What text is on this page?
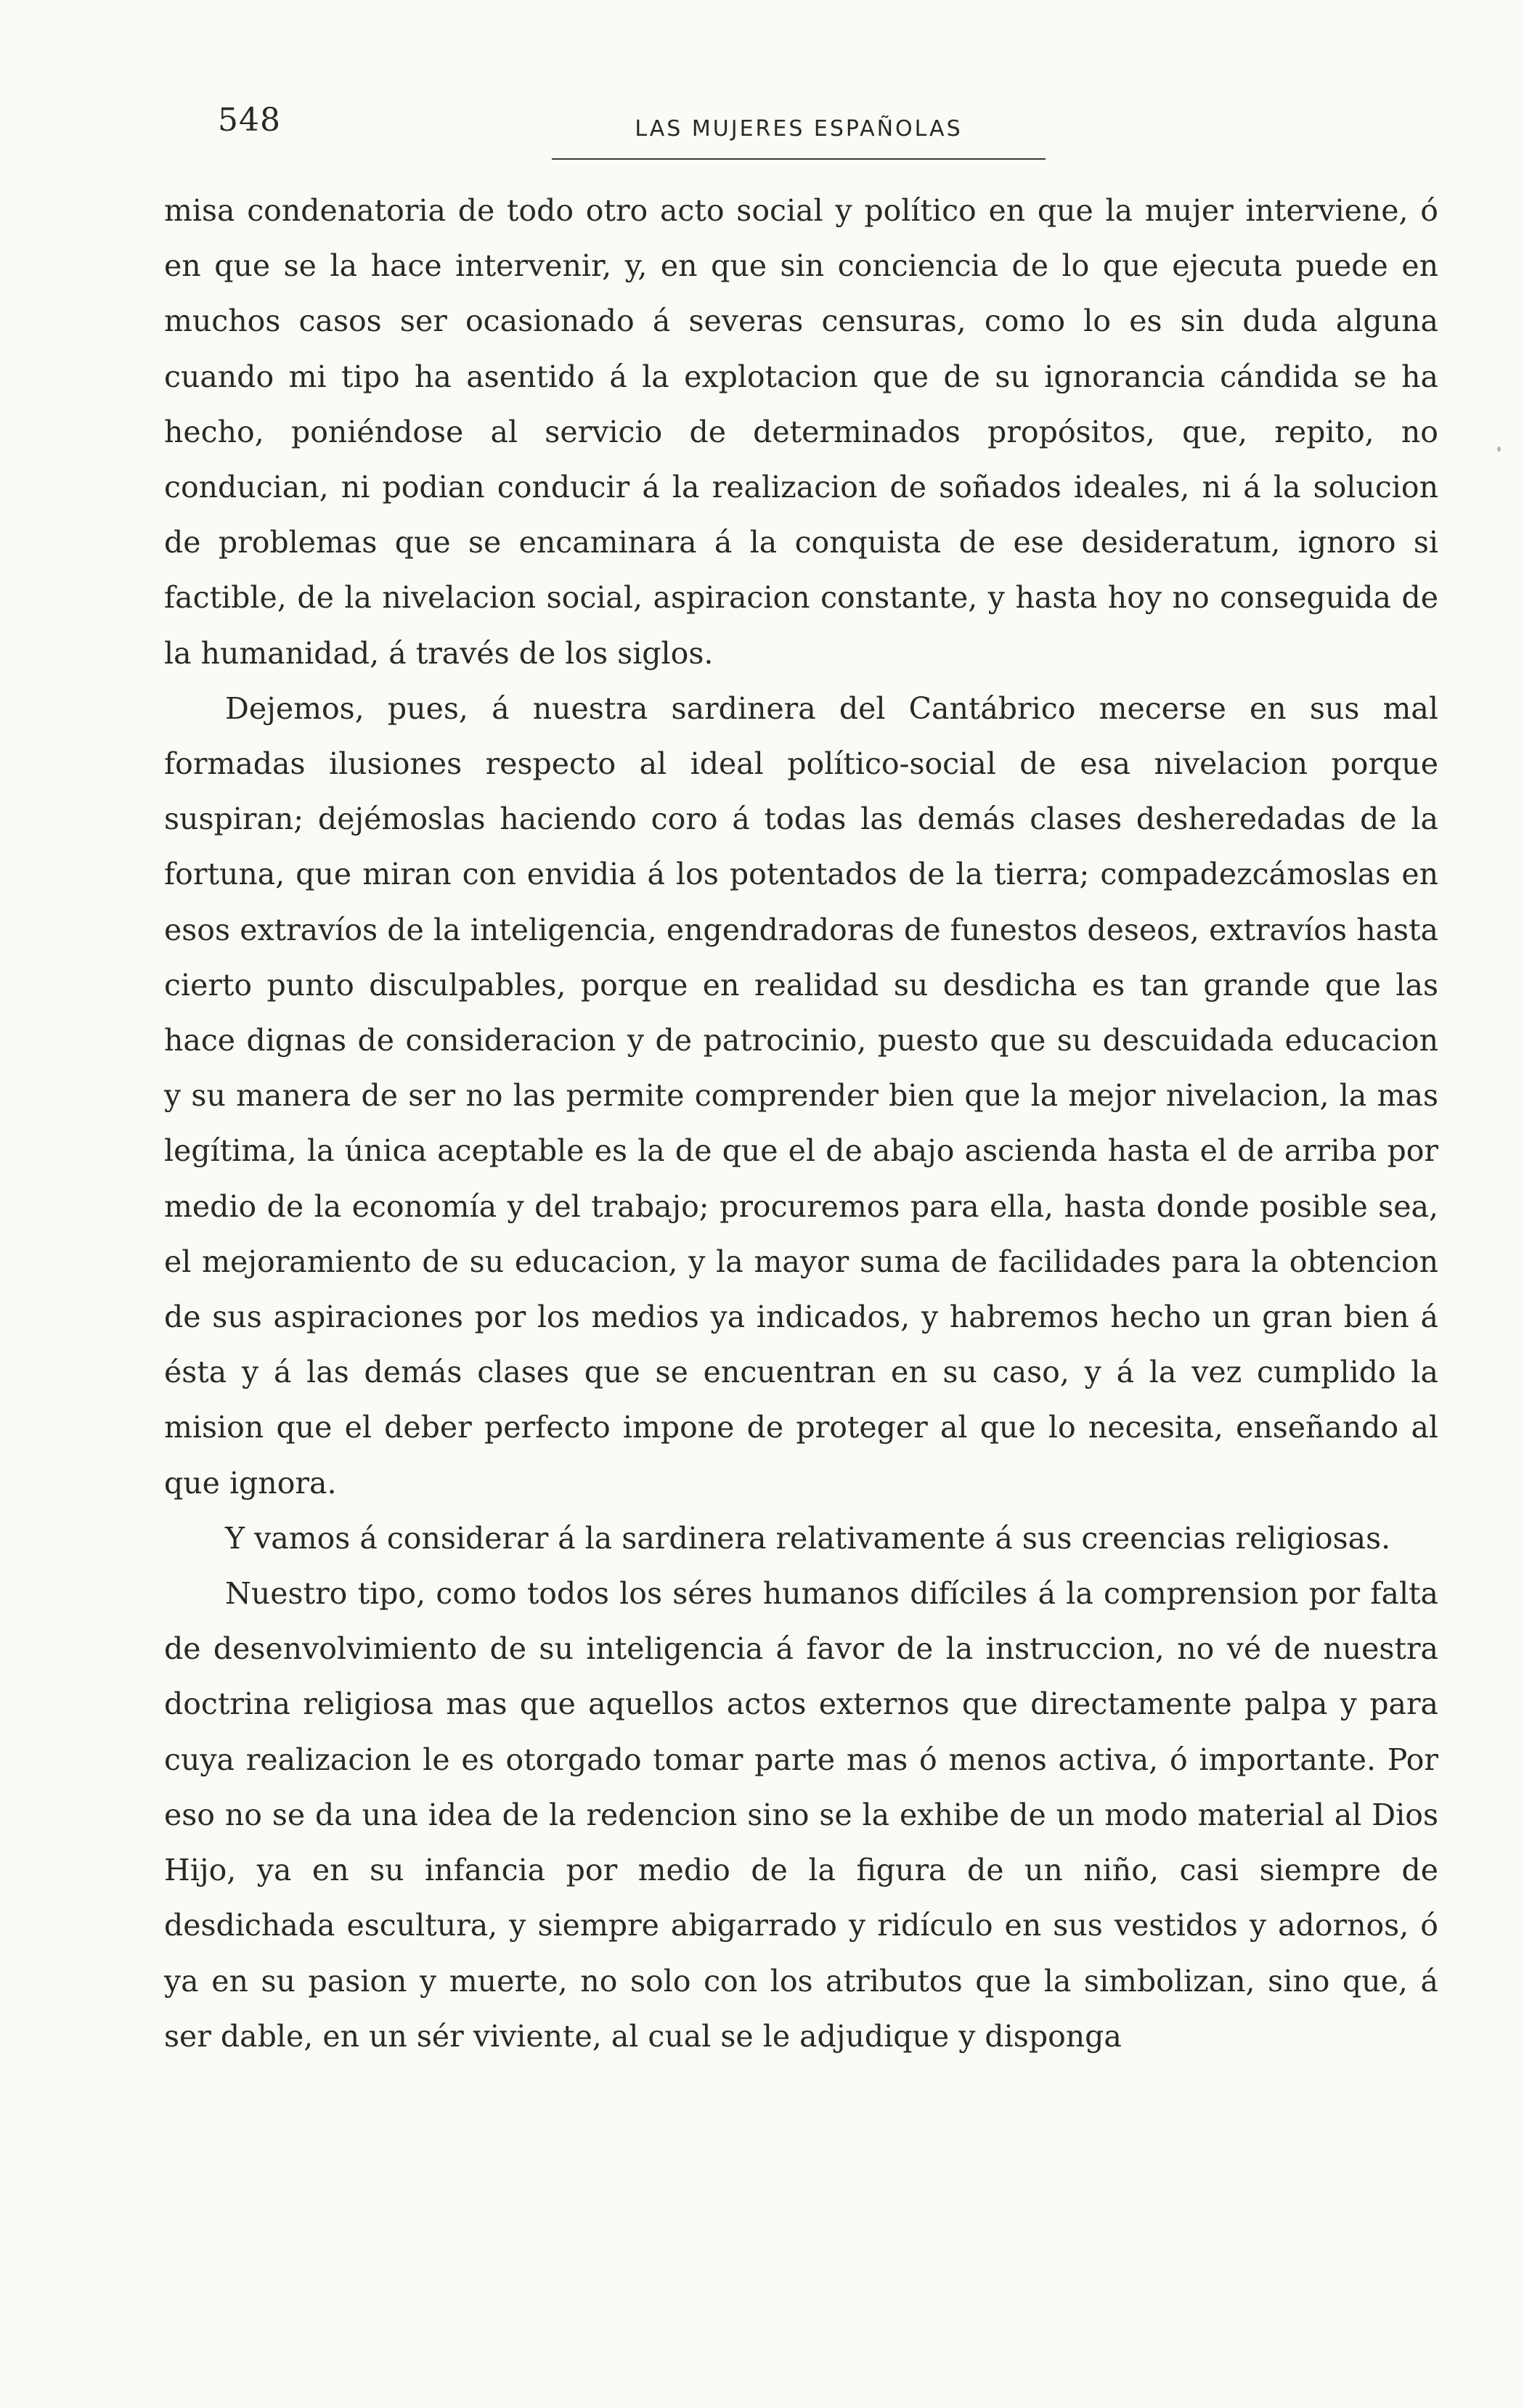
548	LAS MUJERES ESPAÑOLAS

misa condenatoria de todo otro acto social y político en que la mujer interviene, ó en que se la hace intervenir, y, en que sin conciencia de lo que ejecuta puede en muchos casos ser ocasionado á severas censuras, como lo es sin duda alguna cuando mi tipo ha asentido á la explotacion que de su ignorancia cándida se ha hecho, poniéndose al servicio de determinados propósitos, que, repito, no conducian, ni podian conducir á la realizacion de soñados ideales, ni á la solucion de problemas que se encaminara á la conquista de ese desideratum, ignoro si factible, de la nivelacion social, aspiracion constante, y hasta hoy no conseguida de la humanidad, á través de los siglos.

Dejemos, pues, á nuestra sardinera del Cantábrico mecerse en sus mal formadas ilusiones respecto al ideal político-social de esa nivelacion porque suspiran; dejémoslas haciendo coro á todas las demás clases desheredadas de la fortuna, que miran con envidia á los potentados de la tierra; compadezcámoslas en esos extravíos de la inteligencia, engendradoras de funestos deseos, extravíos hasta cierto punto disculpables, porque en realidad su desdicha es tan grande que las hace dignas de consideracion y de patrocinio, puesto que su descuidada educacion y su manera de ser no las permite comprender bien que la mejor nivelacion, la mas legítima, la única aceptable es la de que el de abajo ascienda hasta el de arriba por medio de la economía y del trabajo; procuremos para ella, hasta donde posible sea, el mejoramiento de su educacion, y la mayor suma de facilidades para la obtencion de sus aspiraciones por los medios ya indicados, y habremos hecho un gran bien á ésta y á las demás clases que se encuentran en su caso, y á la vez cumplido la mision que el deber perfecto impone de proteger al que lo necesita, enseñando al que ignora.

Y vamos á considerar á la sardinera relativamente á sus creencias religiosas.

Nuestro tipo, como todos los séres humanos difíciles á la comprension por falta de desenvolvimiento de su inteligencia á favor de la instruccion, no vé de nuestra doctrina religiosa mas que aquellos actos externos que directamente palpa y para cuya realizacion le es otorgado tomar parte mas ó menos activa, ó importante. Por eso no se da una idea de la redencion sino se la exhibe de un modo material al Dios Hijo, ya en su infancia por medio de la figura de un niño, casi siempre de desdichada escultura, y siempre abigarrado y ridículo en sus vestidos y adornos, ó ya en su pasion y muerte, no solo con los atributos que la simbolizan, sino que, á ser dable, en un sér viviente, al cual se le adjudique y disponga
